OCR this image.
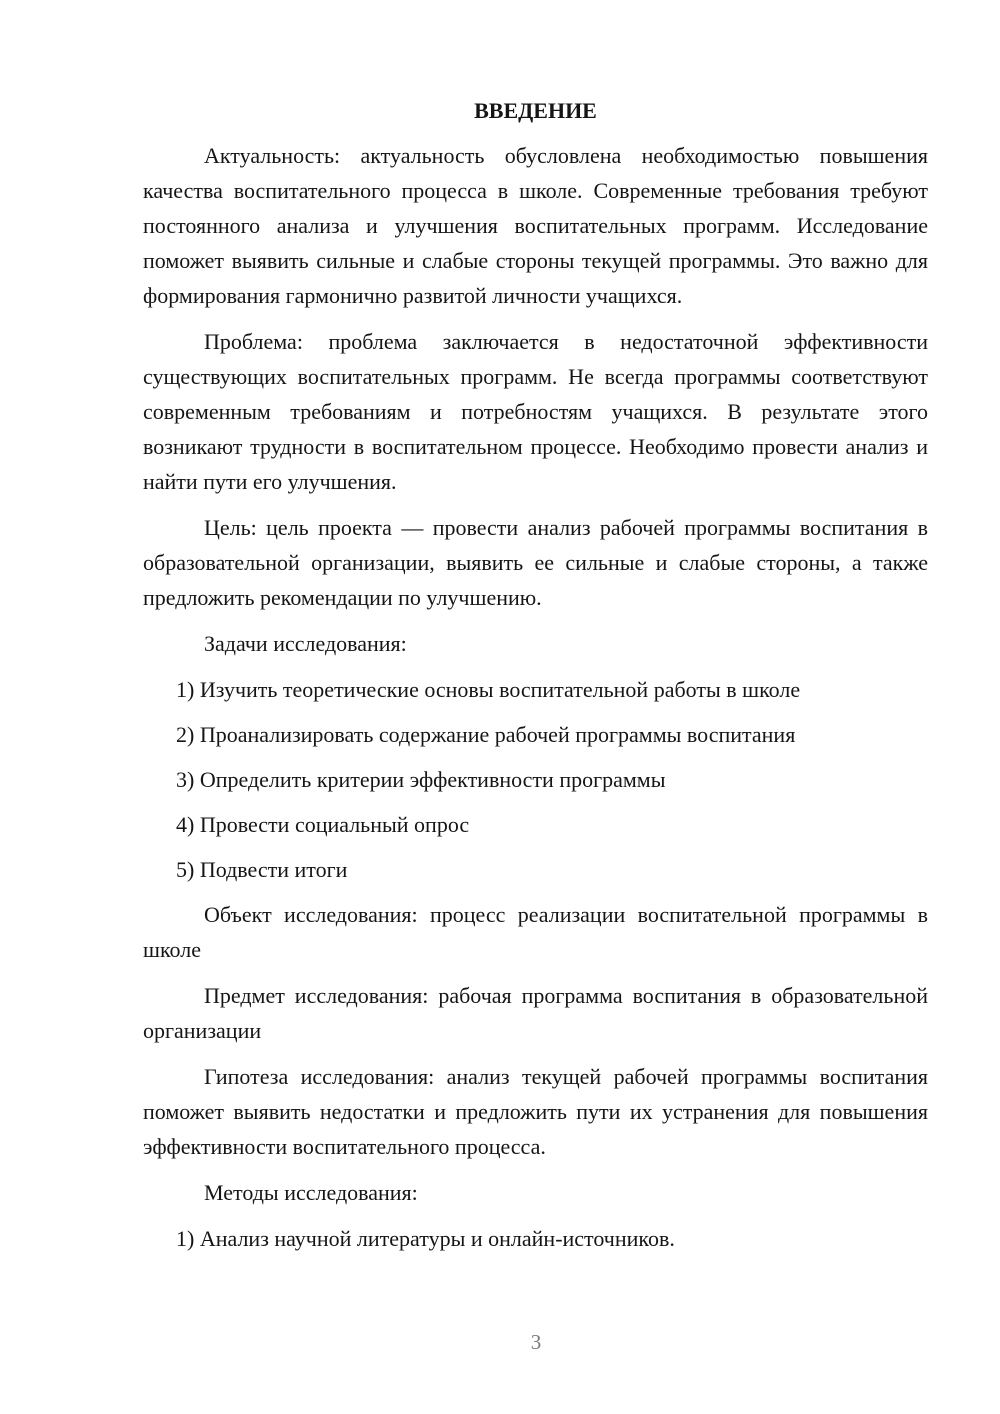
ВВЕДЕНИЕ

Актуальность: актуальность обусловлена необходимостью повышения качества воспитательного процесса в школе. Современные требования требуют постоянного анализа и улучшения воспитательных программ. Исследование поможет выявить сильные и слабые стороны текущей программы. Это важно для формирования гармонично развитой личности учащихся.

Проблема: проблема заключается в недостаточной эффективности существующих воспитательных программ. Не всегда программы соответствуют современным требованиям и потребностям учащихся. В результате этого возникают трудности в воспитательном процессе. Необходимо провести анализ и найти пути его улучшения.

Цель: цель проекта — провести анализ рабочей программы воспитания в образовательной организации, выявить ее сильные и слабые стороны, а также предложить рекомендации по улучшению.

Задачи исследования:

1) Изучить теоретические основы воспитательной работы в школе
2) Проанализировать содержание рабочей программы воспитания
3) Определить критерии эффективности программы
4) Провести социальный опрос
5) Подвести итоги

Объект исследования: процесс реализации воспитательной программы в школе

Предмет исследования: рабочая программа воспитания в образовательной организации

Гипотеза исследования: анализ текущей рабочей программы воспитания поможет выявить недостатки и предложить пути их устранения для повышения эффективности воспитательного процесса.

Методы исследования:

1) Анализ научной литературы и онлайн-источников.
3
